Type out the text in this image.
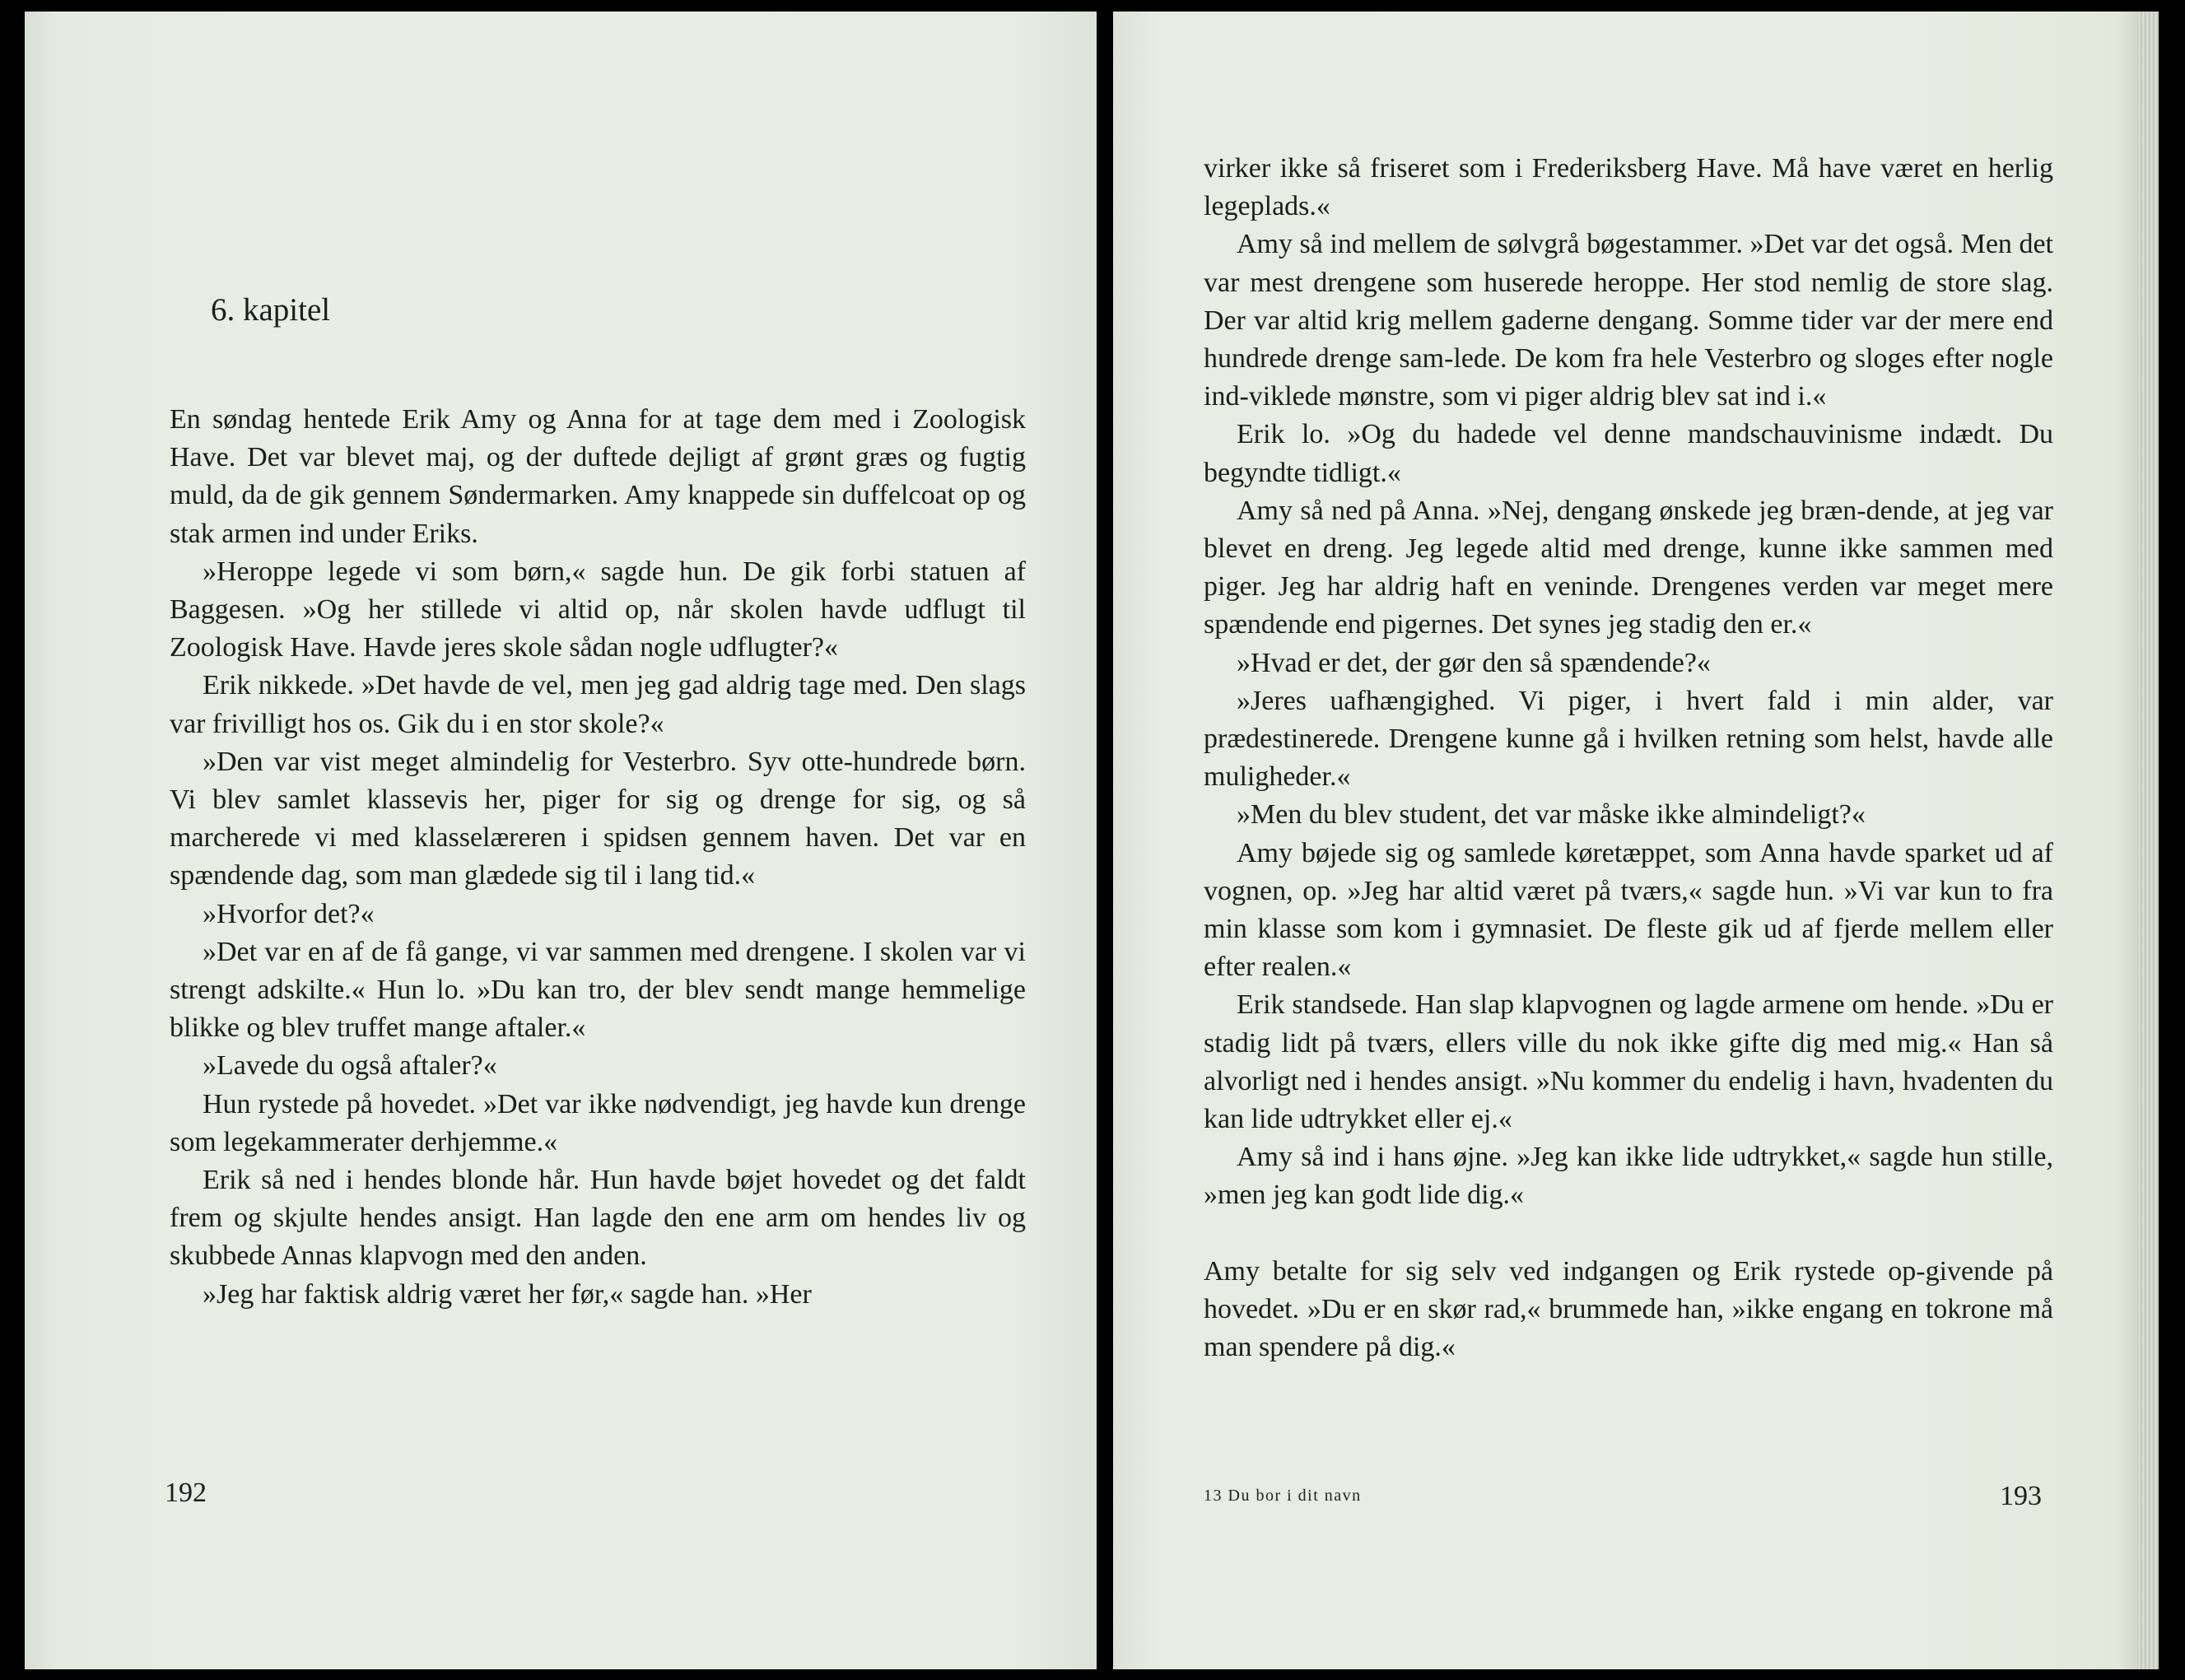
6. kapitel

En søndag hentede Erik Amy og Anna for at tage dem med i Zoologisk Have. Det var blevet maj, og der duftede dejligt af grønt græs og fugtig muld, da de gik gennem Søndermarken. Amy knappede sin duffelcoat op og stak armen ind under Eriks.

»Heroppe legede vi som børn,« sagde hun. De gik forbi statuen af Baggesen. »Og her stillede vi altid op, når skolen havde udflugt til Zoologisk Have. Havde jeres skole sådan nogle udflugter?«

Erik nikkede. »Det havde de vel, men jeg gad aldrig tage med. Den slags var frivilligt hos os. Gik du i en stor skole?«

»Den var vist meget almindelig for Vesterbro. Syv otte-hundrede børn. Vi blev samlet klassevis her, piger for sig og drenge for sig, og så marcherede vi med klasselæreren i spidsen gennem haven. Det var en spændende dag, som man glædede sig til i lang tid.«

»Hvorfor det?«

»Det var en af de få gange, vi var sammen med drengene. I skolen var vi strengt adskilte.« Hun lo. »Du kan tro, der blev sendt mange hemmelige blikke og blev truffet mange aftaler.«

»Lavede du også aftaler?«

Hun rystede på hovedet. »Det var ikke nødvendigt, jeg havde kun drenge som legekammerater derhjemme.«

Erik så ned i hendes blonde hår. Hun havde bøjet hovedet og det faldt frem og skjulte hendes ansigt. Han lagde den ene arm om hendes liv og skubbede Annas klapvogn med den anden.

»Jeg har faktisk aldrig været her før,« sagde han. »Her

192

virker ikke så friseret som i Frederiksberg Have. Må have været en herlig legeplads.«

Amy så ind mellem de sølvgrå bøgestammer. »Det var det også. Men det var mest drengene som huserede heroppe. Her stod nemlig de store slag. Der var altid krig mellem gaderne dengang. Somme tider var der mere end hundrede drenge sam-lede. De kom fra hele Vesterbro og sloges efter nogle ind-viklede mønstre, som vi piger aldrig blev sat ind i.«

Erik lo. »Og du hadede vel denne mandschauvinisme indædt. Du begyndte tidligt.«

Amy så ned på Anna. »Nej, dengang ønskede jeg bræn-dende, at jeg var blevet en dreng. Jeg legede altid med drenge, kunne ikke sammen med piger. Jeg har aldrig haft en veninde. Drengenes verden var meget mere spændende end pigernes. Det synes jeg stadig den er.«

»Hvad er det, der gør den så spændende?«

»Jeres uafhængighed. Vi piger, i hvert fald i min alder, var prædestinerede. Drengene kunne gå i hvilken retning som helst, havde alle muligheder.«

»Men du blev student, det var måske ikke almindeligt?«

Amy bøjede sig og samlede køretæppet, som Anna havde sparket ud af vognen, op. »Jeg har altid været på tværs,« sagde hun. »Vi var kun to fra min klasse som kom i gymnasiet. De fleste gik ud af fjerde mellem eller efter realen.«

Erik standsede. Han slap klapvognen og lagde armene om hende. »Du er stadig lidt på tværs, ellers ville du nok ikke gifte dig med mig.« Han så alvorligt ned i hendes ansigt. »Nu kommer du endelig i havn, hvadenten du kan lide udtrykket eller ej.«

Amy så ind i hans øjne. »Jeg kan ikke lide udtrykket,« sagde hun stille, »men jeg kan godt lide dig.«

Amy betalte for sig selv ved indgangen og Erik rystede op-givende på hovedet. »Du er en skør rad,« brummede han, »ikke engang en tokrone må man spendere på dig.«

13 Du bor i dit navn	193
